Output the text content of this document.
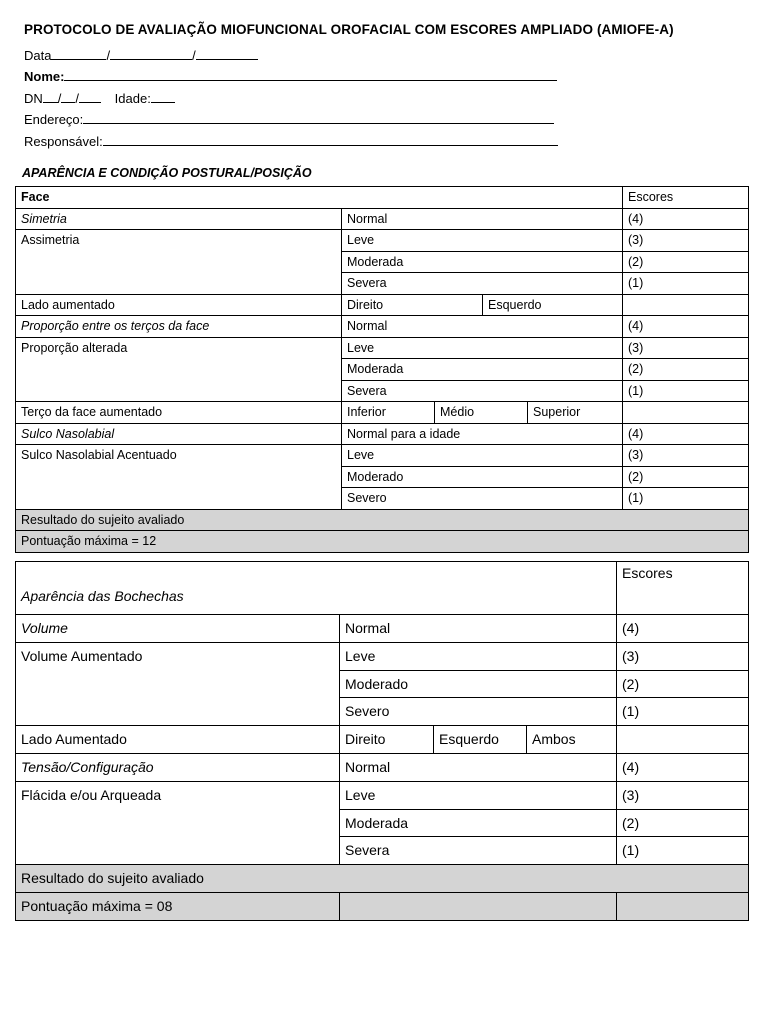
PROTOCOLO DE AVALIAÇÃO MIOFUNCIONAL OROFACIAL COM ESCORES AMPLIADO (AMIOFE-A)
Data	/	/
Nome:
DN / /	Idade:
Endereço:
Responsável:
APARÊNCIA E CONDIÇÃO POSTURAL/POSIÇÃO
Face		Escores
Simetria	Normal	(4)
Assimetria	Leve	(3)
	Moderada	(2)
	Severa	(1)
Lado aumentado	Direito Esquerdo	

Proporção entre os terços da face	Normal	(4)
Proporção alterada	Leve	(3)
	Moderada	(2)
	Severa	(1)
Terço da face aumentado	Inferior Médio Superior	

Sulco Nasolabial	Normal para a idade	(4)
Sulco Nasolabial Acentuado	Leve	(3)
	Moderado	(2)
	Severo	(1)
Resultado do sujeito avaliado		
Pontuação máxima = 12		
Aparência das Bochechas		Escores
Volume	Normal	(4)
Volume Aumentado	Leve	(3)
	Moderado	(2)
	Severo	(1)
Lado Aumentado	Direito Esquerdo Ambos	

Tensão/Configuração	Normal	(4)
Flácida e/ou Arqueada	Leve	(3)
	Moderada	(2)
	Severa	(1)
Resultado do sujeito avaliado		
Pontuação máxima = 08		
